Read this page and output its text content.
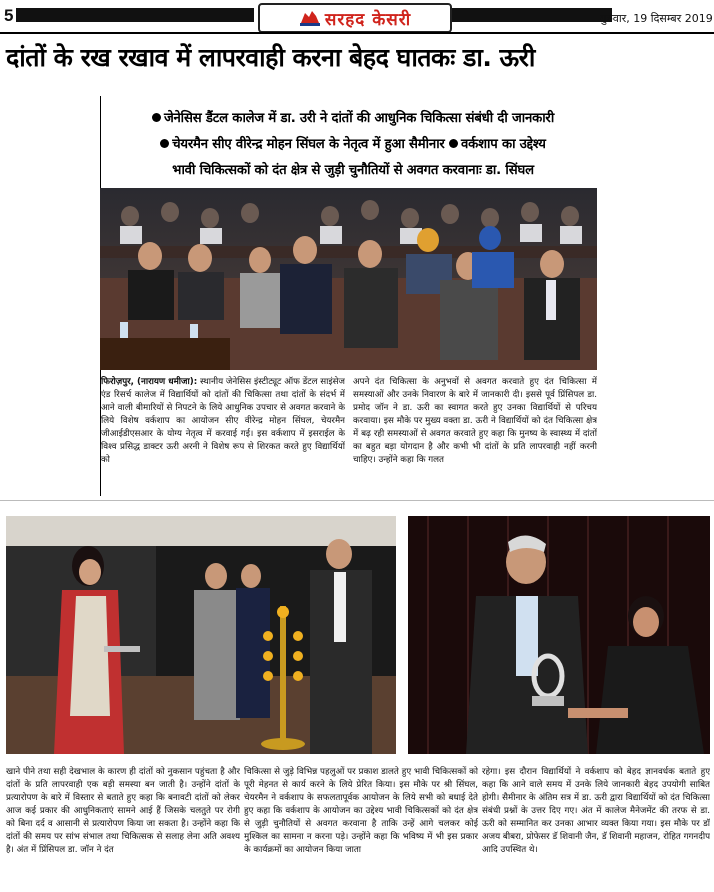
5	सरहद केसरी	गुरुवार, 19 दिसम्बर 2019
दांतों के रख रखाव में लापरवाही करना बेहद घातकः डा. ऊरी
जेनेसिस डैंटल कालेज में डा. उरी ने दांतों की आधुनिक चिकित्सा संबंधी दी जानकारी
चेयरमैन सीए वीरेन्द्र मोहन सिंघल के नेतृत्व में हुआ सैमीनार वर्कशाप का उद्देश्य
भावी चिकित्सकों को दंत क्षेत्र से जुड़ी चुनौतियों से अवगत करवानाः डा. सिंघल

फिरोज़पुर, (नारायण धमीजा): स्थानीय जेनेसिस इंस्टीट्यूट ऑफ डेंटल साइंसेज एंड रिसर्च कालेज में विद्यार्थियों को दांतों की चिकित्सा तथा दांतों के संदर्भ में आने वाली बीमारियों से निपटने के लिये आधुनिक उपचार से अवगत करवाने के लिये विशेष वर्कशाप का आयोजन सीए वीरेन्द्र मोहन सिंघल, चेयरमैन जीआईडीएसआर के योग्य नेतृत्व में करवाई गई। इस वर्कशाप में इसराईल के विश्व प्रसिद्ध डाक्टर ऊरी अरनी ने विशेष रूप से शिरकत करते हुए विद्यार्थियों को

अपने दंत चिकित्सा के अनुभवों से अवगत करवाते हुए दंत चिकित्सा में समस्याओं और उनके निवारण के बारे में जानकारी दी। इससे पूर्व प्रिंसिपल डा. प्रमोद जॉन ने डा. ऊरी का स्वागत करते हुए उनका विद्यार्थियों से परिचय करवाया। इस मौके पर मुख्य वक्ता डा. ऊरी ने विद्यार्थियों को दंत चिकित्सा क्षेत्र में बढ़ रही समस्याओं से अवगत करवाते हुए कहा कि मुनष्य के स्वास्थ्य में दांतों का बहुत बड़ा योगदान है और कभी भी दांतों के प्रति लापरवाही नहीं करनी चाहिए। उन्होंने कहा कि गलत

खाने पीने तथा सही देखभाल के कारण ही दांतों को नुकसान पहुंचता है और दांतों के प्रति लापरवाही एक बड़ी समस्या बन जाती है। उन्होंने दांतों के प्रत्यारोपण के बारे में विस्तार से बताते हुए कहा कि बनावटी दांतों को लेकर आज कई प्रकार की आधुनिकताएं सामने आई हैं जिसके चलतुते पर रोगी को बिना दर्द व आसानी से प्रत्यारोपण किया जा सकता है। उन्होंने कहा कि दांतों की समय पर सांभ संभाल तथा चिकित्सक से सलाह लेना अति अवश्य है। अंत में प्रिंसिपल डा. जॉन ने दंत

चिकित्सा से जुड़े विभिन्न पहलुओं पर प्रकाश डालते हुए भावी चिकित्सकों को पूरी मेहनत से कार्य करने के लिये प्रेरित किया। इस मौके पर श्री सिंघल, चेयरमैन ने वर्कशाप के सफलतापूर्वक आयोजन के लिये सभी को बधाई देते हुए कहा कि वर्कशाप के आयोजन का उद्देश्य भावी चिकित्सकों को दंत क्षेत्र से जुड़ी चुनौतियों से अवगत करवाना है ताकि उन्हें आगे चलकर कोई मुश्किल का सामना न करना पड़े। उन्होंने कहा कि भविष्य में भी इस प्रकार के कार्यक्रमों का आयोजन किया जाता

रहेगा। इस दौरान विद्यार्थियों ने वर्कशाप को बेहद ज्ञानवर्धक बताते हुए कहा कि आने वाले समय में उनके लिये जानकारी बेहद उपयोगी साबित होगी। सैमीनार के अंतिम सत्र में डा. ऊरी द्वारा विद्यार्थियों को दंत चिकित्सा संबंधी प्रश्नों के उत्तर दिए गए। अंत में कालेज मैनेजमेंट की तरफ से डा. ऊरी को सम्मानित कर उनका आभार व्यक्त किया गया। इस मौके पर डॉ अजय बीबरा, प्रोफेसर डॅ शिवानी जैन, डॅ शिवानी महाजन, रोहित गगनदीप आदि उपस्थित थे।
